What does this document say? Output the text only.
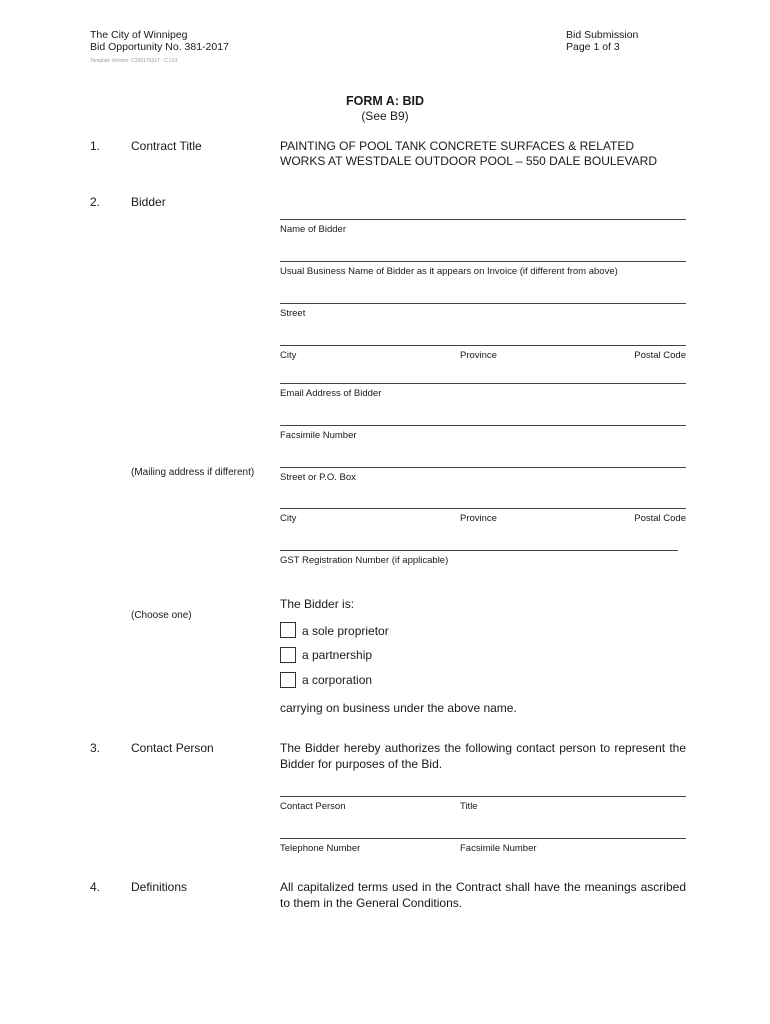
The City of Winnipeg
Bid Opportunity No. 381-2017
Template Version: C320170317 - C L01
Bid Submission
Page 1 of 3
FORM A: BID
(See B9)
1.	Contract Title	PAINTING OF POOL TANK CONCRETE SURFACES & RELATED
WORKS AT WESTDALE OUTDOOR POOL – 550 DALE BOULEVARD
2.	Bidder
Name of Bidder
Usual Business Name of Bidder as it appears on Invoice (if different from above)
Street
City	Province	Postal Code
Email Address of Bidder
Facsimile Number
(Mailing address if different)	Street or P.O. Box
City	Province	Postal Code
GST Registration Number (if applicable)
(Choose one)
The Bidder is:
a sole proprietor
a partnership
a corporation
carrying on business under the above name.
3.	Contact Person	The Bidder hereby authorizes the following contact person to represent the Bidder for purposes of the Bid.
Contact Person	Title
Telephone Number	Facsimile Number
4.	Definitions	All capitalized terms used in the Contract shall have the meanings ascribed to them in the General Conditions.
